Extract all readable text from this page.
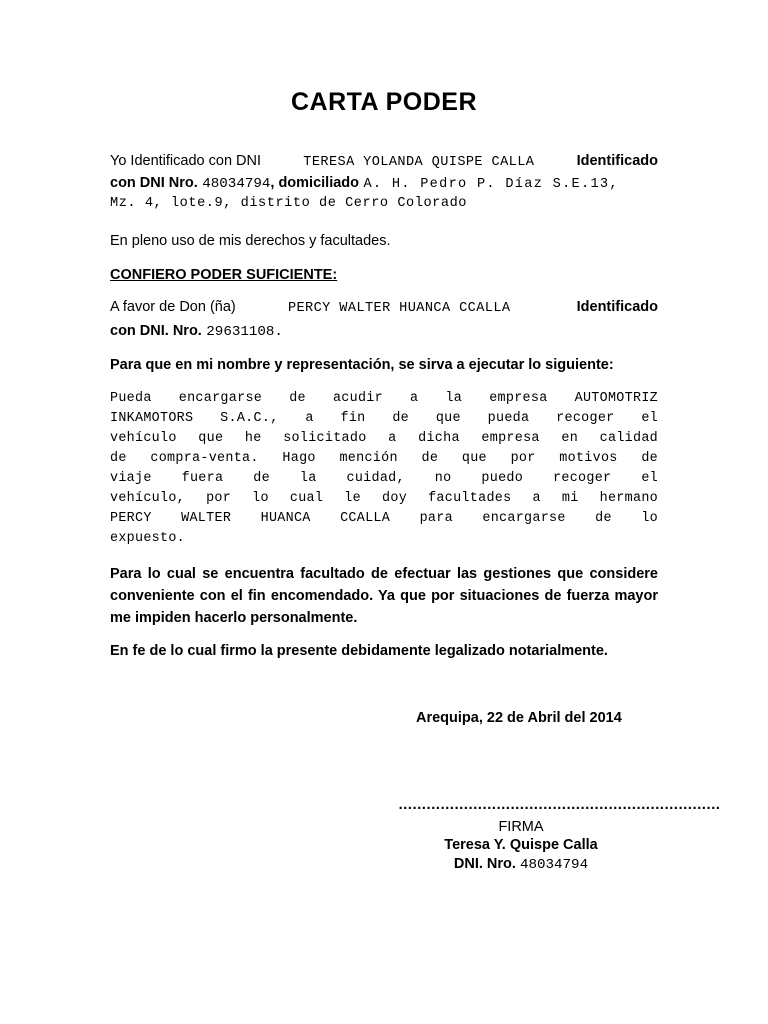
CARTA PODER
Yo Identificado con DNI	TERESA YOLANDA QUISPE CALLA	Identificado
con DNI Nro. 48034794, domiciliado A. H. Pedro P. Díaz S.E.13,
Mz. 4, lote.9, distrito de Cerro Colorado
En pleno uso de mis derechos y facultades.
CONFIERO PODER SUFICIENTE:
A favor de Don (ña)	PERCY WALTER HUANCA CCALLA	Identificado
con DNI. Nro. 29631108.
Para que en mi nombre y representación, se sirva a ejecutar lo siguiente:
Pueda encargarse de acudir a la empresa AUTOMOTRIZ
INKAMOTORS S.A.C., a fin de que pueda recoger el
vehículo que he solicitado a dicha empresa en calidad
de compra-venta. Hago mención de que por motivos de
viaje fuera de la cuidad, no puedo recoger el
vehículo, por lo cual le doy facultades a mi hermano
PERCY WALTER HUANCA CCALLA para encargarse de lo
expuesto.
Para lo cual se encuentra facultado de efectuar las gestiones que considere conveniente con el fin encomendado. Ya que por situaciones de fuerza mayor me impiden hacerlo personalmente.
En fe de lo cual firmo la presente debidamente legalizado notarialmente.
Arequipa, 22 de Abril del 2014
……………………………………………………………
FIRMA
Teresa Y. Quispe Calla
DNI. Nro. 48034794
